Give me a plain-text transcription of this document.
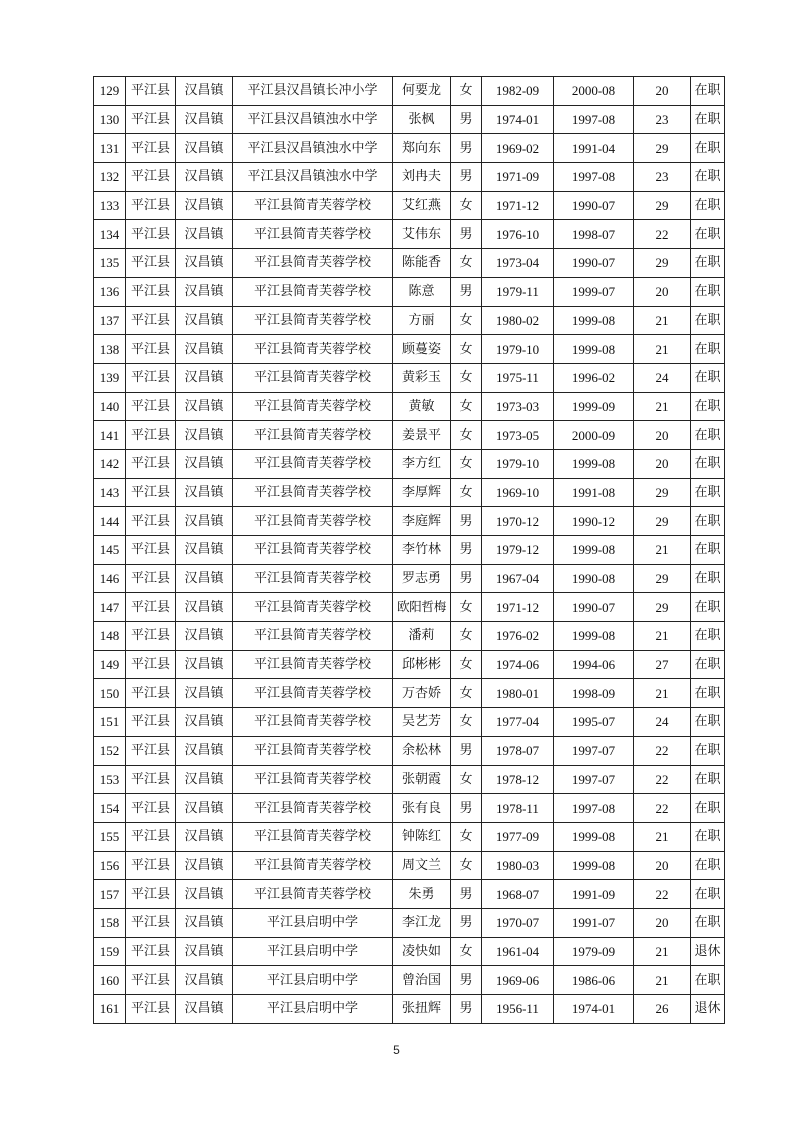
129	平江县	汉昌镇	平江县汉昌镇长冲小学	何要龙	女	1982-09	2000-08	20	在职
130	平江县	汉昌镇	平江县汉昌镇浊水中学	张枫	男	1974-01	1997-08	23	在职
131	平江县	汉昌镇	平江县汉昌镇浊水中学	郑向东	男	1969-02	1991-04	29	在职
132	平江县	汉昌镇	平江县汉昌镇浊水中学	刘冉夫	男	1971-09	1997-08	23	在职
133	平江县	汉昌镇	平江县简青芙蓉学校	艾红燕	女	1971-12	1990-07	29	在职
134	平江县	汉昌镇	平江县简青芙蓉学校	艾伟东	男	1976-10	1998-07	22	在职
135	平江县	汉昌镇	平江县简青芙蓉学校	陈能香	女	1973-04	1990-07	29	在职
136	平江县	汉昌镇	平江县简青芙蓉学校	陈意	男	1979-11	1999-07	20	在职
137	平江县	汉昌镇	平江县简青芙蓉学校	方丽	女	1980-02	1999-08	21	在职
138	平江县	汉昌镇	平江县简青芙蓉学校	顾蔓姿	女	1979-10	1999-08	21	在职
139	平江县	汉昌镇	平江县简青芙蓉学校	黄彩玉	女	1975-11	1996-02	24	在职
140	平江县	汉昌镇	平江县简青芙蓉学校	黄敏	女	1973-03	1999-09	21	在职
141	平江县	汉昌镇	平江县简青芙蓉学校	姜景平	女	1973-05	2000-09	20	在职
142	平江县	汉昌镇	平江县简青芙蓉学校	李方红	女	1979-10	1999-08	20	在职
143	平江县	汉昌镇	平江县简青芙蓉学校	李厚辉	女	1969-10	1991-08	29	在职
144	平江县	汉昌镇	平江县简青芙蓉学校	李庭辉	男	1970-12	1990-12	29	在职
145	平江县	汉昌镇	平江县简青芙蓉学校	李竹林	男	1979-12	1999-08	21	在职
146	平江县	汉昌镇	平江县简青芙蓉学校	罗志勇	男	1967-04	1990-08	29	在职
147	平江县	汉昌镇	平江县简青芙蓉学校	欧阳哲梅	女	1971-12	1990-07	29	在职
148	平江县	汉昌镇	平江县简青芙蓉学校	潘莉	女	1976-02	1999-08	21	在职
149	平江县	汉昌镇	平江县简青芙蓉学校	邱彬彬	女	1974-06	1994-06	27	在职
150	平江县	汉昌镇	平江县简青芙蓉学校	万杏娇	女	1980-01	1998-09	21	在职
151	平江县	汉昌镇	平江县简青芙蓉学校	吴艺芳	女	1977-04	1995-07	24	在职
152	平江县	汉昌镇	平江县简青芙蓉学校	余松林	男	1978-07	1997-07	22	在职
153	平江县	汉昌镇	平江县简青芙蓉学校	张朝霞	女	1978-12	1997-07	22	在职
154	平江县	汉昌镇	平江县简青芙蓉学校	张有良	男	1978-11	1997-08	22	在职
155	平江县	汉昌镇	平江县简青芙蓉学校	钟陈红	女	1977-09	1999-08	21	在职
156	平江县	汉昌镇	平江县简青芙蓉学校	周文兰	女	1980-03	1999-08	20	在职
157	平江县	汉昌镇	平江县简青芙蓉学校	朱勇	男	1968-07	1991-09	22	在职
158	平江县	汉昌镇	平江县启明中学	李江龙	男	1970-07	1991-07	20	在职
159	平江县	汉昌镇	平江县启明中学	凌快如	女	1961-04	1979-09	21	退休
160	平江县	汉昌镇	平江县启明中学	曾治国	男	1969-06	1986-06	21	在职
161	平江县	汉昌镇	平江县启明中学	张扭辉	男	1956-11	1974-01	26	退休
5
